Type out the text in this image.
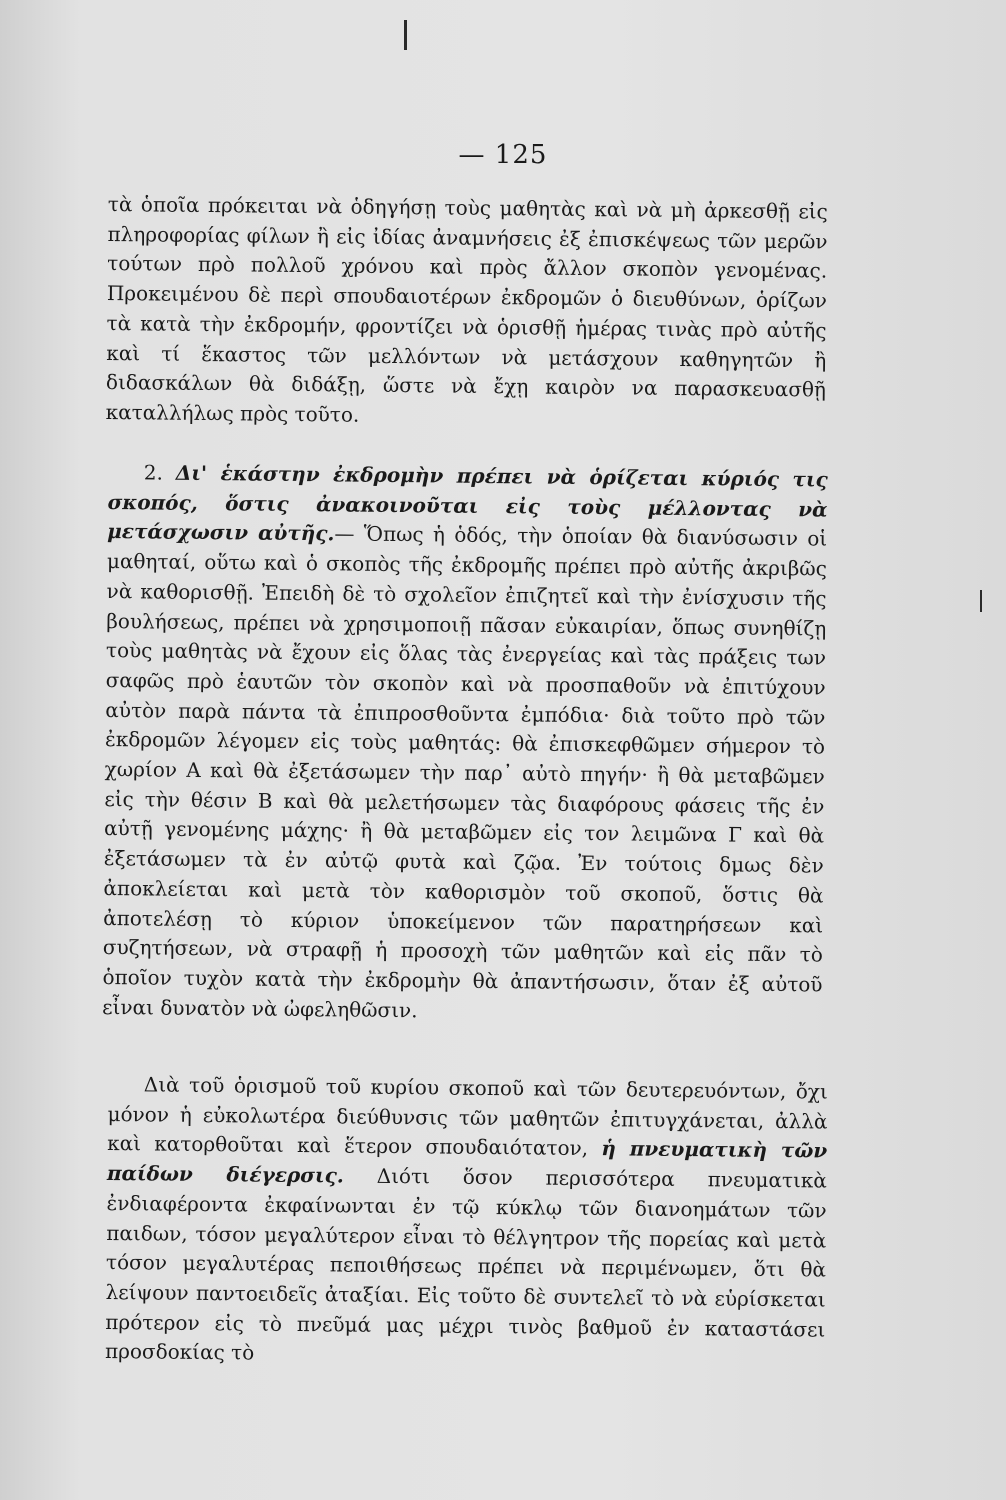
— 125
τὰ ὁποῖα πρόκειται νὰ ὁδηγήσῃ τοὺς μαθητὰς καὶ νὰ μὴ ἀρκεσθῇ εἰς πληροφορίας φίλων ἢ εἰς ἰδίας ἀναμνήσεις ἐξ ἐπισκέψεως τῶν μερῶν τούτων πρὸ πολλοῦ χρόνου καὶ πρὸς ἄλλον σκοπὸν γενομένας. Προκειμένου δὲ περὶ σπουδαιοτέρων ἐκδρομῶν ὁ διευθύνων, ὁρίζων τὰ κατὰ τὴν ἐκδρομήν, φροντίζει νὰ ὁρισθῇ ἡμέρας τινὰς πρὸ αὐτῆς καὶ τί ἕκαστος τῶν μελλόντων νὰ μετάσχουν καθηγητῶν ἢ διδασκάλων θὰ διδάξῃ, ὥστε νὰ ἔχῃ καιρὸν να παρασκευασθῇ καταλλήλως πρὸς τοῦτο.
2. Δι' ἑκάστην ἐκδρομὴν πρέπει νὰ ὁρίζεται κύριός τις σκοπός, ὅστις ἀνακοινοῦται εἰς τοὺς μέλλοντας νὰ μετάσχωσιν αὐτῆς.— Ὅπως ἡ ὁδός, τὴν ὁποίαν θὰ διανύσωσιν οἱ μαθηταί, οὕτω καὶ ὁ σκοπὸς τῆς ἐκδρομῆς πρέπει πρὸ αὐτῆς ἀκριβῶς νὰ καθορισθῇ. Ἐπειδὴ δὲ τὸ σχολεῖον ἐπιζητεῖ καὶ τὴν ἐνίσχυσιν τῆς βουλήσεως, πρέπει νὰ χρησιμοποιῇ πᾶσαν εὐκαιρίαν, ὅπως συνηθίζῃ τοὺς μαθητὰς νὰ ἔχουν εἰς ὅλας τὰς ἐνεργείας καὶ τὰς πράξεις των σαφῶς πρὸ ἑαυτῶν τὸν σκοπὸν καὶ νὰ προσπαθοῦν νὰ ἐπιτύχουν αὐτὸν παρὰ πάντα τὰ ἐπιπροσθοῦντα ἐμπόδια· διὰ τοῦτο πρὸ τῶν ἐκδρομῶν λέγομεν εἰς τοὺς μαθητάς: θὰ ἐπισκεφθῶμεν σήμερον τὸ χωρίον Α καὶ θὰ ἐξετάσωμεν τὴν παρ᾽ αὐτὸ πηγήν· ἢ θὰ μεταβῶμεν εἰς τὴν θέσιν Β καὶ θὰ μελετήσωμεν τὰς διαφόρους φάσεις τῆς ἐν αὐτῇ γενομένης μάχης· ἢ θὰ μεταβῶμεν εἰς τον λειμῶνα Γ καὶ θὰ ἐξετάσωμεν τὰ ἐν αὐτῷ φυτὰ καὶ ζῷα. Ἐν τούτοις δμως δὲν ἀποκλείεται καὶ μετὰ τὸν καθορισμὸν τοῦ σκοποῦ, ὅστις θὰ ἀποτελέσῃ τὸ κύριον ὑποκείμενον τῶν παρατηρήσεων καὶ συζητήσεων, νὰ στραφῇ ἡ προσοχὴ τῶν μαθητῶν καὶ εἰς πᾶν τὸ ὁποῖον τυχὸν κατὰ τὴν ἐκδρομὴν θὰ ἀπαντήσωσιν, ὅταν ἐξ αὐτοῦ εἶναι δυνατὸν νὰ ὠφεληθῶσιν.
Διὰ τοῦ ὁρισμοῦ τοῦ κυρίου σκοποῦ καὶ τῶν δευτερευόντων, ὄχι μόνον ἡ εὐκολωτέρα διεύθυνσις τῶν μαθητῶν ἐπιτυγχάνεται, ἀλλὰ καὶ κατορθοῦται καὶ ἕτερον σπουδαιότατον, ἡ πνευματικὴ τῶν παίδων διέγερσις. Διότι ὅσον περισσότερα πνευματικὰ ἐνδιαφέροντα ἐκφαίνωνται ἐν τῷ κύκλῳ τῶν διανοημάτων τῶν παιδων, τόσον μεγαλύτερον εἶναι τὸ θέλγητρον τῆς πορείας καὶ μετὰ τόσον μεγαλυτέρας πεποιθήσεως πρέπει νὰ περιμένωμεν, ὅτι θὰ λείψουν παντοειδεῖς ἀταξίαι. Εἰς τοῦτο δὲ συντελεῖ τὸ νὰ εὑρίσκεται πρότερον εἰς τὸ πνεῦμά μας μέχρι τινὸς βαθμοῦ ἐν καταστάσει προσδοκίας τὸ
